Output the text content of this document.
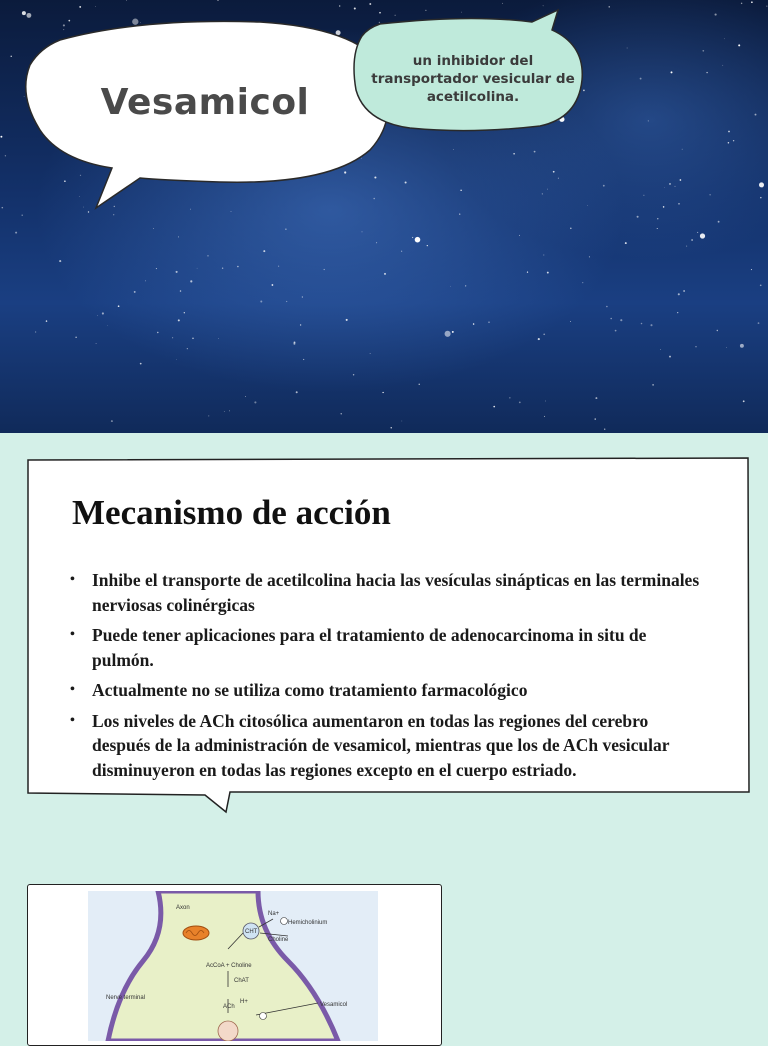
Vesamicol
un inhibidor del transportador vesicular de acetilcolina.
Mecanismo de acción
• Inhibe el transporte de acetilcolina hacia las vesículas sinápticas en las terminales nerviosas colinérgicas
• Puede tener aplicaciones para el tratamiento de adenocarcinoma in situ de pulmón.
• Actualmente no se utiliza como tratamiento farmacológico
• Los niveles de ACh citosólica aumentaron en todas las regiones del cerebro después de la administración de vesamicol, mientras que los de ACh vesicular disminuyeron en todas las regiones excepto en el cuerpo estriado.
CHT
Axon
Na+
Hemicholinium
Choline
AcCoA + Choline
ChAT
Nerve terminal
ACh
H+	Vesamicol
